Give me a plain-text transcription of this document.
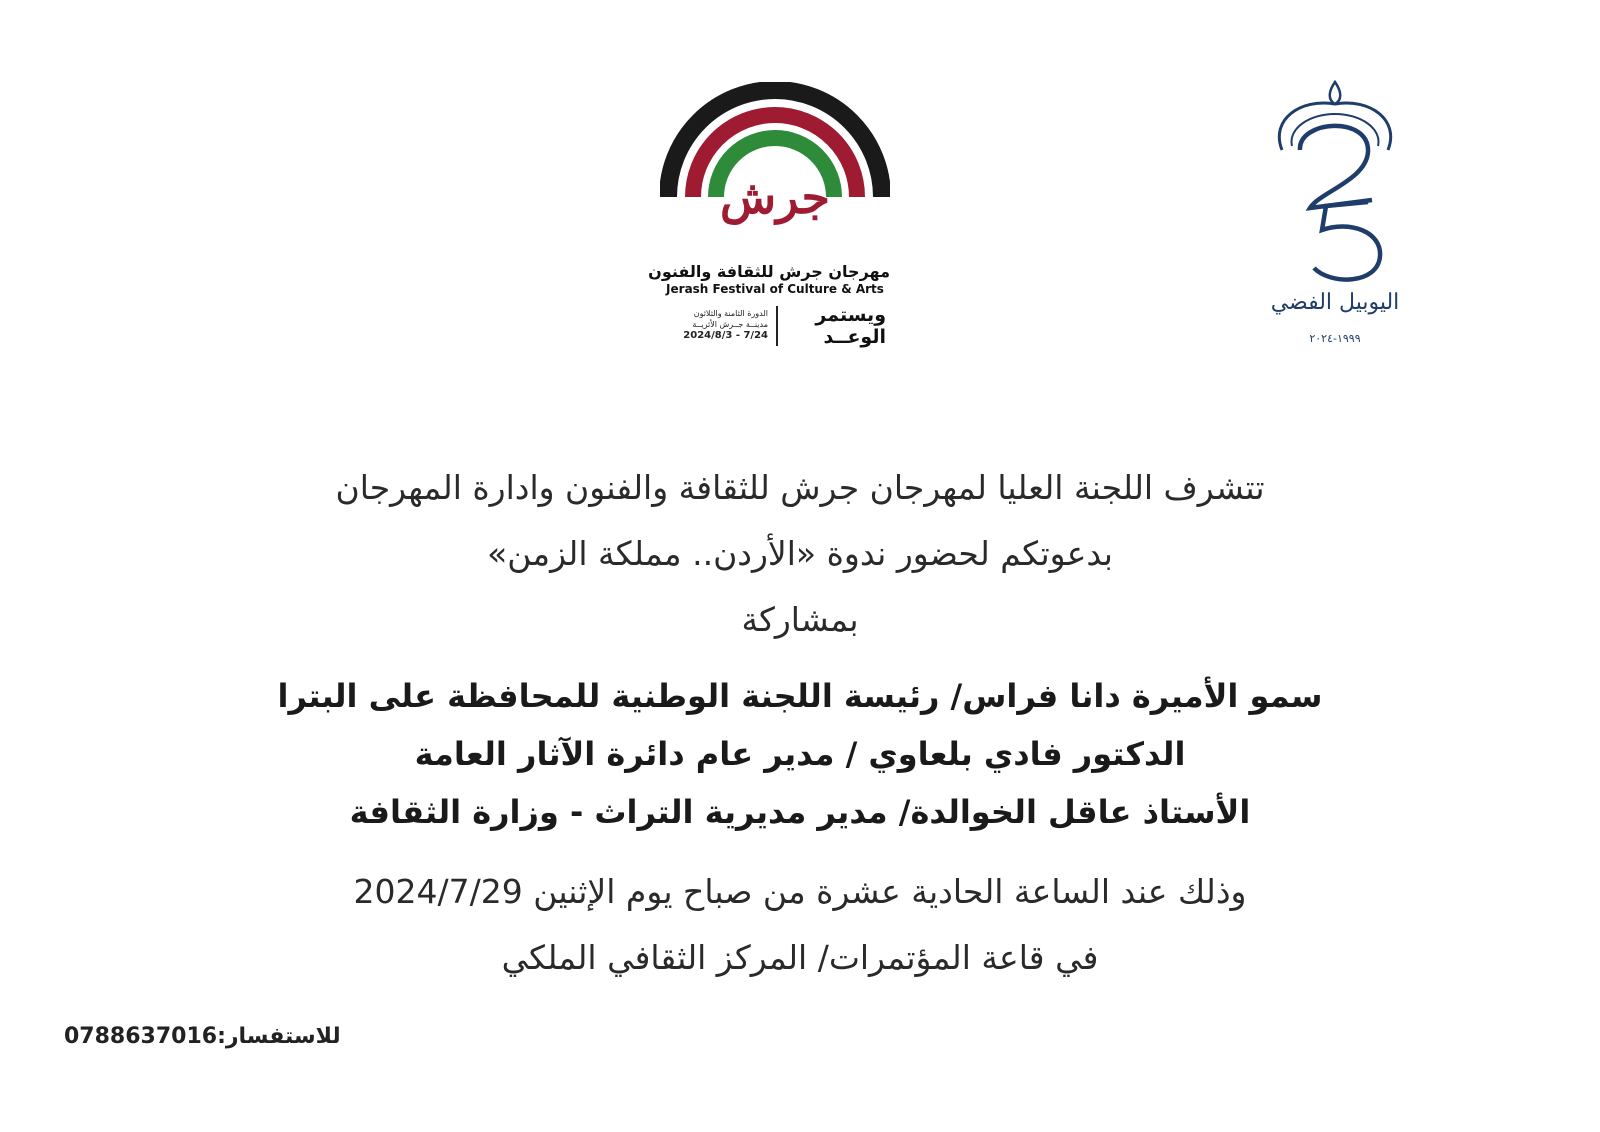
جرش
مهرجان جرش للثقافة والفنون
Jerash Festival of Culture & Arts
الدورة الثامنة والثلاثون
مدينــة جــرش الأثريــة
2024/8/3 - 7/24
ويستمر
الوعــد
اليوبيل الفضي
١٩٩٩-٢٠٢٤
تتشرف اللجنة العليا لمهرجان جرش للثقافة والفنون وادارة المهرجان
بدعوتكم لحضور ندوة «الأردن.. مملكة الزمن»
بمشاركة
سمو الأميرة دانا فراس/ رئيسة اللجنة الوطنية للمحافظة على البترا
الدكتور فادي بلعاوي / مدير عام دائرة الآثار العامة
الأستاذ عاقل الخوالدة/ مدير مديرية التراث - وزارة الثقافة
وذلك عند الساعة الحادية عشرة من صباح يوم الإثنين 2024/7/29
في قاعة المؤتمرات/ المركز الثقافي الملكي
للاستفسار:0788637016
